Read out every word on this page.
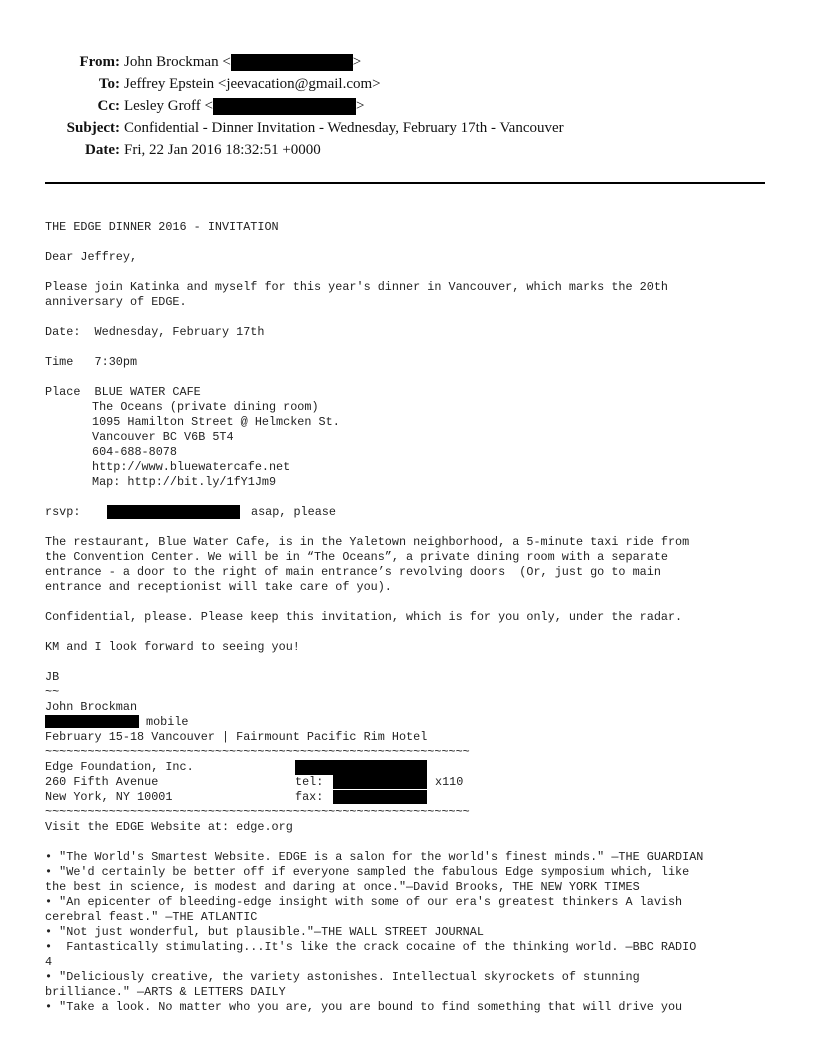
From: John Brockman <	>
To: Jeffrey Epstein <jeevacation@gmail.com>
Cc: Lesley Groff <	>
Subject: Confidential - Dinner Invitation - Wednesday, February 17th - Vancouver
Date: Fri, 22 Jan 2016 18:32:51 +0000
THE EDGE DINNER 2016 - INVITATION
Dear Jeffrey,
Please join Katinka and myself for this year's dinner in Vancouver, which marks the 20th
anniversary of EDGE.
Date:  Wednesday, February 17th
Time   7:30pm
Place  BLUE WATER CAFE
The Oceans (private dining room)
1095 Hamilton Street @ Helmcken St.
Vancouver BC V6B 5T4
604-688-8078
http://www.bluewatercafe.net
Map: http://bit.ly/1fY1Jm9
rsvp:	asap, please
The restaurant, Blue Water Cafe, is in the Yaletown neighborhood, a 5-minute taxi ride from
the Convention Center. We will be in “The Oceans”, a private dining room with a separate
entrance - a door to the right of main entrance’s revolving doors  (Or, just go to main
entrance and receptionist will take care of you).
Confidential, please. Please keep this invitation, which is for you only, under the radar.
KM and I look forward to seeing you!
JB
~~
John Brockman
mobile
February 15-18 Vancouver | Fairmount Pacific Rim Hotel
~~~~~~~~~~~~~~~~~~~~~~~~~~~~~~~~~~~~~~~~~~~~~~~~~~~~~~~~~~~~
Edge Foundation, Inc.
260 Fifth Avenue	tel:	x110
New York, NY 10001	fax:
~~~~~~~~~~~~~~~~~~~~~~~~~~~~~~~~~~~~~~~~~~~~~~~~~~~~~~~~~~~~
Visit the EDGE Website at: edge.org
• "The World's Smartest Website. EDGE is a salon for the world's finest minds." —THE GUARDIAN
• "We'd certainly be better off if everyone sampled the fabulous Edge symposium which, like
the best in science, is modest and daring at once."—David Brooks, THE NEW YORK TIMES
• "An epicenter of bleeding-edge insight with some of our era's greatest thinkers A lavish
cerebral feast." —THE ATLANTIC
• "Not just wonderful, but plausible."—THE WALL STREET JOURNAL
•  Fantastically stimulating...It's like the crack cocaine of the thinking world. —BBC RADIO
4
• "Deliciously creative, the variety astonishes. Intellectual skyrockets of stunning
brilliance." —ARTS & LETTERS DAILY
• "Take a look. No matter who you are, you are bound to find something that will drive you
